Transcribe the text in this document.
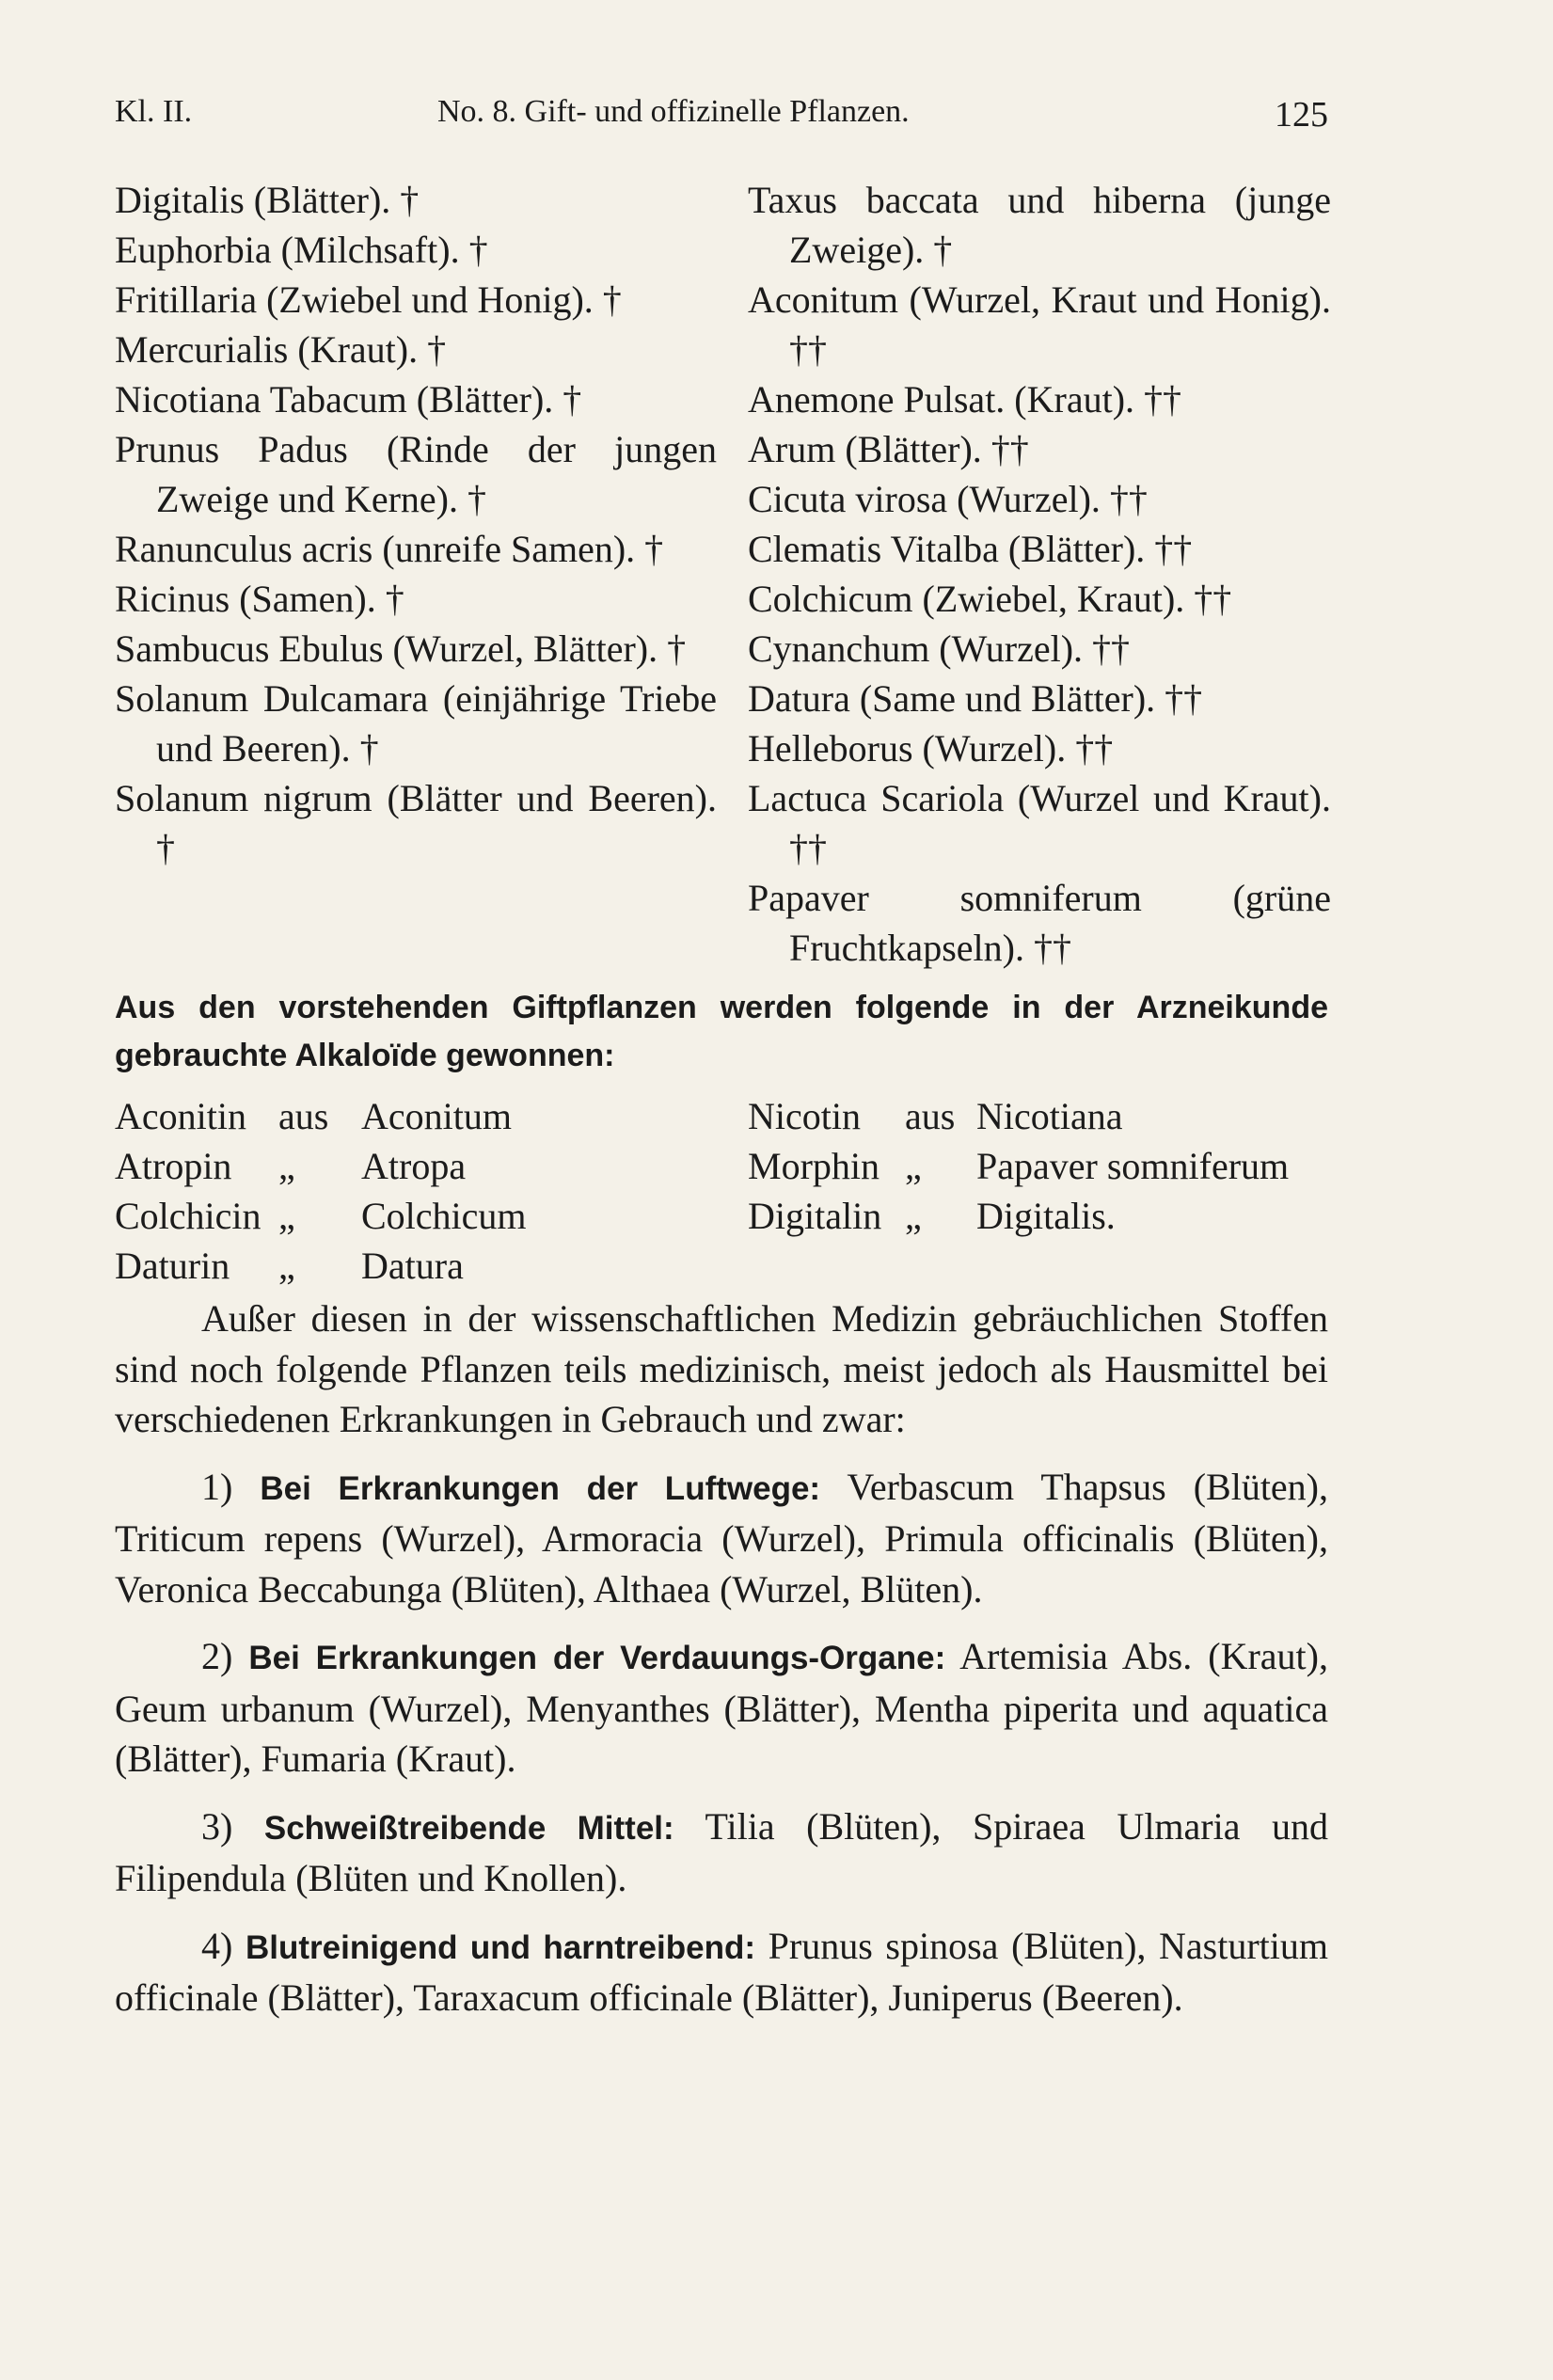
Kl. II.	No. 8. Gift- und offizinelle Pflanzen.	125
Digitalis (Blätter). †
Euphorbia (Milchsaft). †
Fritillaria (Zwiebel und Honig). †
Mercurialis (Kraut). †
Nicotiana Tabacum (Blätter). †
Prunus Padus (Rinde der jungen Zweige und Kerne). †
Ranunculus acris (unreife Samen). †
Ricinus (Samen). †
Sambucus Ebulus (Wurzel, Blätter). †
Solanum Dulcamara (einjährige Triebe und Beeren). †
Solanum nigrum (Blätter und Beeren). †
Taxus baccata und hiberna (junge Zweige). †
Aconitum (Wurzel, Kraut und Honig). ††
Anemone Pulsat. (Kraut). ††
Arum (Blätter). ††
Cicuta virosa (Wurzel). ††
Clematis Vitalba (Blätter). ††
Colchicum (Zwiebel, Kraut). ††
Cynanchum (Wurzel). ††
Datura (Same und Blätter). ††
Helleborus (Wurzel). ††
Lactuca Scariola (Wurzel und Kraut). ††
Papaver somniferum (grüne Fruchtkapseln). ††
Aus den vorstehenden Giftpflanzen werden folgende in der Arzneikunde gebrauchte Alkaloïde gewonnen:
Aconitin aus Aconitum
Atropin „ Atropa
Colchicin „ Colchicum
Daturin „ Datura
Nicotin aus Nicotiana
Morphin „ Papaver somniferum
Digitalin „ Digitalis.

Außer diesen in der wissenschaftlichen Medizin gebräuchlichen Stoffen sind noch folgende Pflanzen teils medizinisch, meist jedoch als Hausmittel bei verschiedenen Erkrankungen in Gebrauch und zwar:

1) Bei Erkrankungen der Luftwege: Verbascum Thapsus (Blüten), Triticum repens (Wurzel), Armoracia (Wurzel), Primula officinalis (Blüten), Veronica Beccabunga (Blüten), Althaea (Wurzel, Blüten).

2) Bei Erkrankungen der Verdauungs-Organe: Artemisia Abs. (Kraut), Geum urbanum (Wurzel), Menyanthes (Blätter), Mentha piperita und aquatica (Blätter), Fumaria (Kraut).

3) Schweißtreibende Mittel: Tilia (Blüten), Spiraea Ulmaria und Filipendula (Blüten und Knollen).

4) Blutreinigend und harntreibend: Prunus spinosa (Blüten), Nasturtium officinale (Blätter), Taraxacum officinale (Blätter), Juniperus (Beeren).
